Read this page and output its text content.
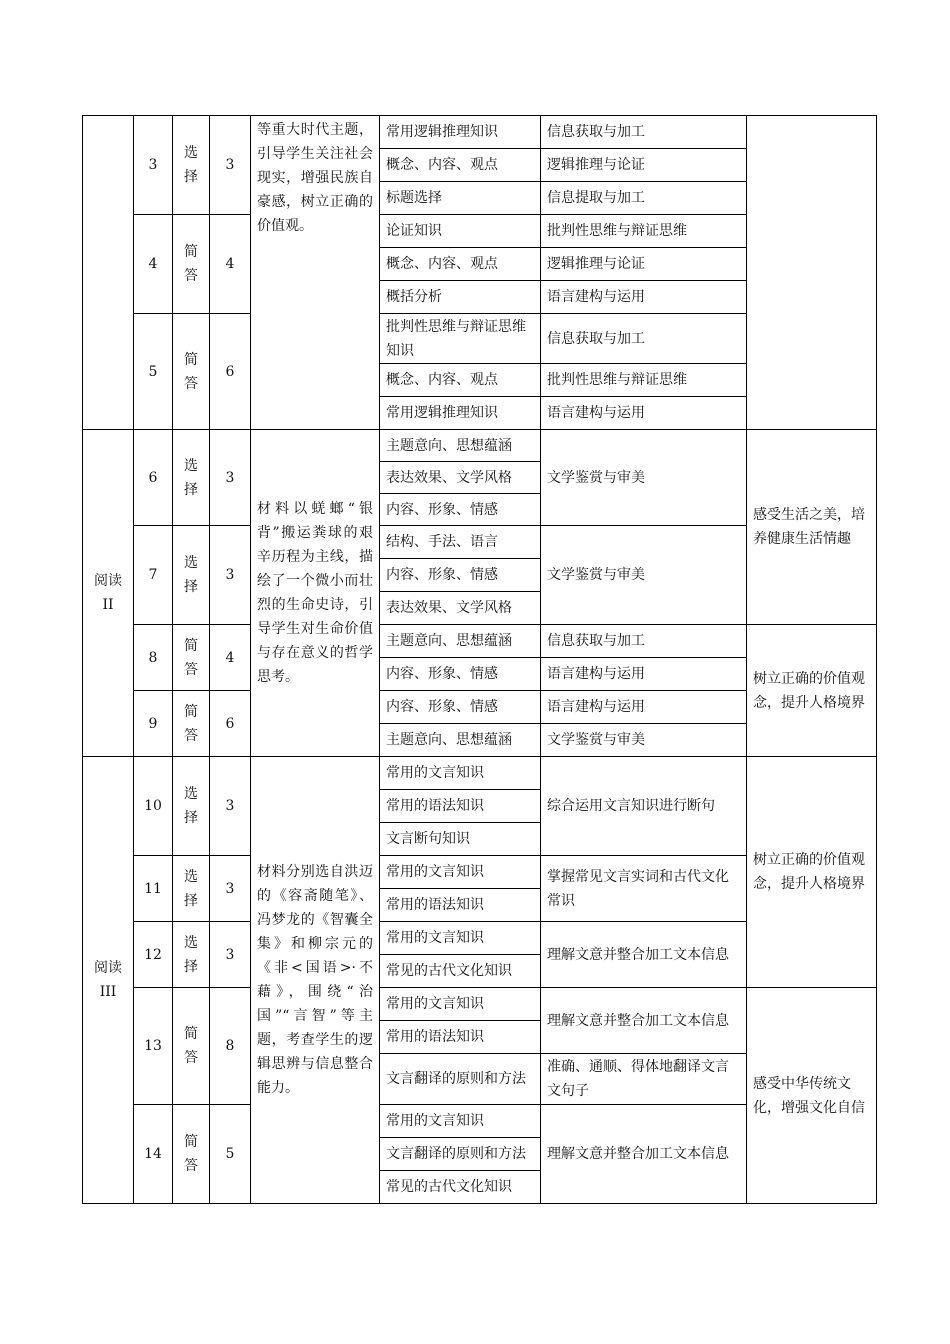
	3	选择	3	等重大时代主题，引导学生关注社会现实，增强民族自豪感，树立正确的价值观。	常用逻辑推理知识	信息获取与加工	
					概念、内容、观点	逻辑推理与论证	
					标题选择	信息提取与加工	
	4	简答	4		论证知识	批判性思维与辩证思维	
					概念、内容、观点	逻辑推理与论证	
					概括分析	语言建构与运用	
	5	简答	6		批判性思维与辩证思维知识	信息获取与加工	
					概念、内容、观点	批判性思维与辩证思维	
					常用逻辑推理知识	语言建构与运用	

阅读II	6	选择	3	材料以蜣螂“银背”搬运粪球的艰辛历程为主线，描绘了一个微小而壮烈的生命史诗，引导学生对生命价值与存在意义的哲学思考。	主题意向、思想蕴涵	文学鉴赏与审美	感受生活之美，培养健康生活情趣
					表达效果、文学风格		
					内容、形象、情感		
	7	选择	3		结构、手法、语言	文学鉴赏与审美	
					内容、形象、情感		
					表达效果、文学风格		
	8	简答	4		主题意向、思想蕴涵	信息获取与加工	树立正确的价值观念，提升人格境界
					内容、形象、情感	语言建构与运用	
	9	简答	6		内容、形象、情感	语言建构与运用	
					主题意向、思想蕴涵	文学鉴赏与审美	

阅读III	10	选择	3	材料分别选自洪迈的《容斋随笔》、冯梦龙的《智囊全集》和柳宗元的《非<国语>·不藉》，围绕“治国”“言智”等主题，考查学生的逻辑思辨与信息整合能力。	常用的文言知识	综合运用文言知识进行断句	树立正确的价值观念，提升人格境界
					常用的语法知识		
					文言断句知识		
	11	选择	3		常用的文言知识	掌握常见文言实词和古代文化常识	
					常用的语法知识		
	12	选择	3		常用的文言知识	理解文意并整合加工文本信息	
					常见的古代文化知识		
	13	简答	8		常用的文言知识	理解文意并整合加工文本信息	感受中华传统文化，增强文化自信
					常用的语法知识		
					文言翻译的原则和方法	准确、通顺、得体地翻译文言文句子	
	14	简答	5		常用的文言知识	理解文意并整合加工文本信息	
					文言翻译的原则和方法		
					常见的古代文化知识		
